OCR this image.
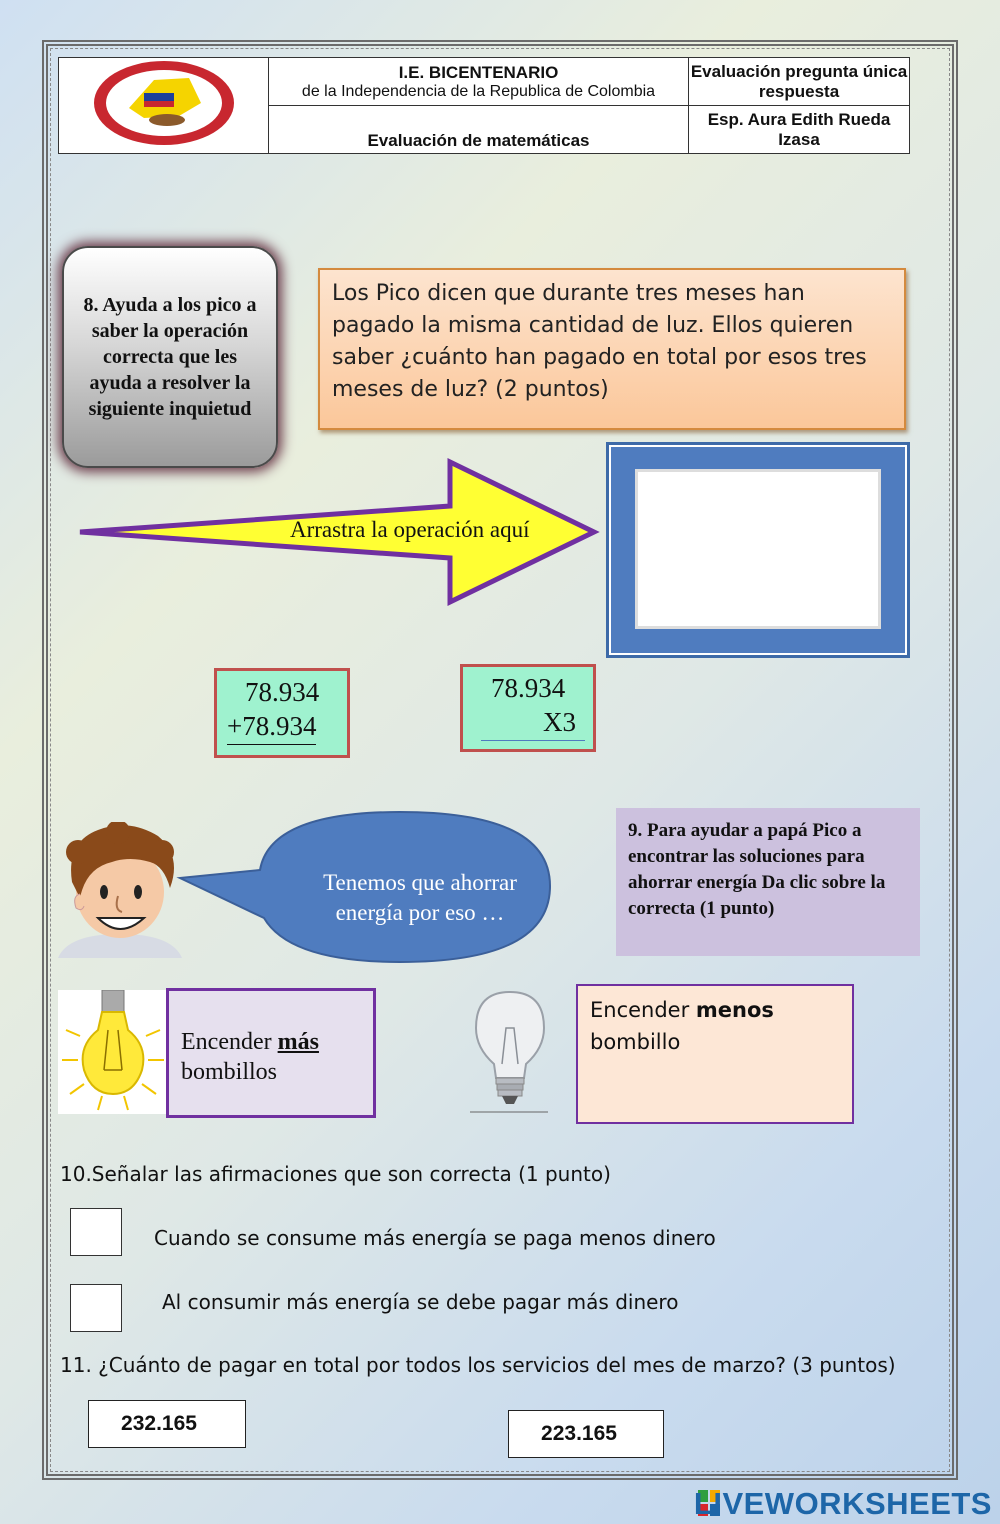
I.E. BICENTENARIO
de la Independencia de la Republica de Colombia	Evaluación pregunta única respuesta

	Evaluación de matemáticas	Esp. Aura Edith Rueda Izasa
8. Ayuda a los pico a saber la operación correcta que les ayuda a resolver la siguiente inquietud
Los Pico dicen que durante tres meses han pagado la misma cantidad de luz. Ellos quieren saber ¿cuánto han pagado en total por esos tres meses de luz? (2 puntos)
Arrastra la operación aquí
78.934
+78.934
78.934
X3
Tenemos que ahorrar energía por eso …
9. Para ayudar a papá Pico a encontrar las soluciones para ahorrar energía Da clic sobre la correcta (1 punto)
Encender más
bombillos
Encender menos
bombillo
10.Señalar las afirmaciones que son correcta (1 punto)
Cuando se consume más energía se paga menos dinero
Al consumir más energía se debe pagar más dinero
11. ¿Cuánto de pagar en total por todos los servicios del mes de marzo? (3 puntos)
232.165	223.165
LIVEWORKSHEETS
